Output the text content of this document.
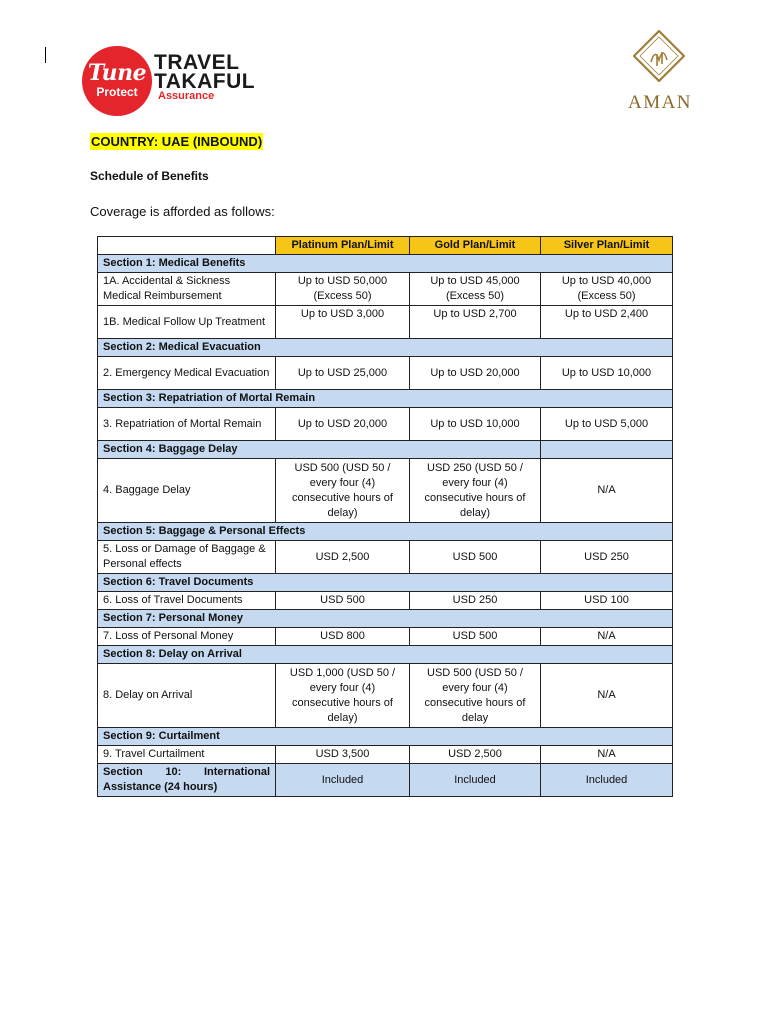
Tune
Protect
TRAVEL
TAKAFUL
Assurance	AMAN
COUNTRY: UAE (INBOUND)
Schedule of Benefits
Coverage is afforded as follows:
	Platinum Plan/Limit	Gold Plan/Limit	Silver Plan/Limit
Section 1: Medical Benefits			
1A. Accidental & Sickness Medical Reimbursement	Up to USD 50,000 (Excess 50)	Up to USD 45,000 (Excess 50)	Up to USD 40,000 (Excess 50)
1B. Medical Follow Up Treatment	Up to USD 3,000	Up to USD 2,700	Up to USD 2,400
Section 2: Medical Evacuation			
2. Emergency Medical Evacuation	Up to USD 25,000	Up to USD 20,000	Up to USD 10,000
Section 3: Repatriation of Mortal Remain			
3. Repatriation of Mortal Remain	Up to USD 20,000	Up to USD 10,000	Up to USD 5,000
Section 4: Baggage Delay			
4. Baggage Delay	USD 500 (USD 50 / every four (4) consecutive hours of delay)	USD 250 (USD 50 / every four (4) consecutive hours of delay)	N/A
Section 5: Baggage & Personal Effects			
5. Loss or Damage of Baggage & Personal effects	USD 2,500	USD 500	USD 250
Section 6: Travel Documents			
6. Loss of Travel Documents	USD 500	USD 250	USD 100
Section 7: Personal Money			
7. Loss of Personal Money	USD 800	USD 500	N/A
Section 8: Delay on Arrival			
8. Delay on Arrival	USD 1,000 (USD 50 / every four (4) consecutive hours of delay)	USD 500 (USD 50 / every four (4) consecutive hours of delay	N/A
Section 9: Curtailment			
9. Travel Curtailment	USD 3,500	USD 2,500	N/A
Section 10: International Assistance (24 hours)	Included	Included	Included
